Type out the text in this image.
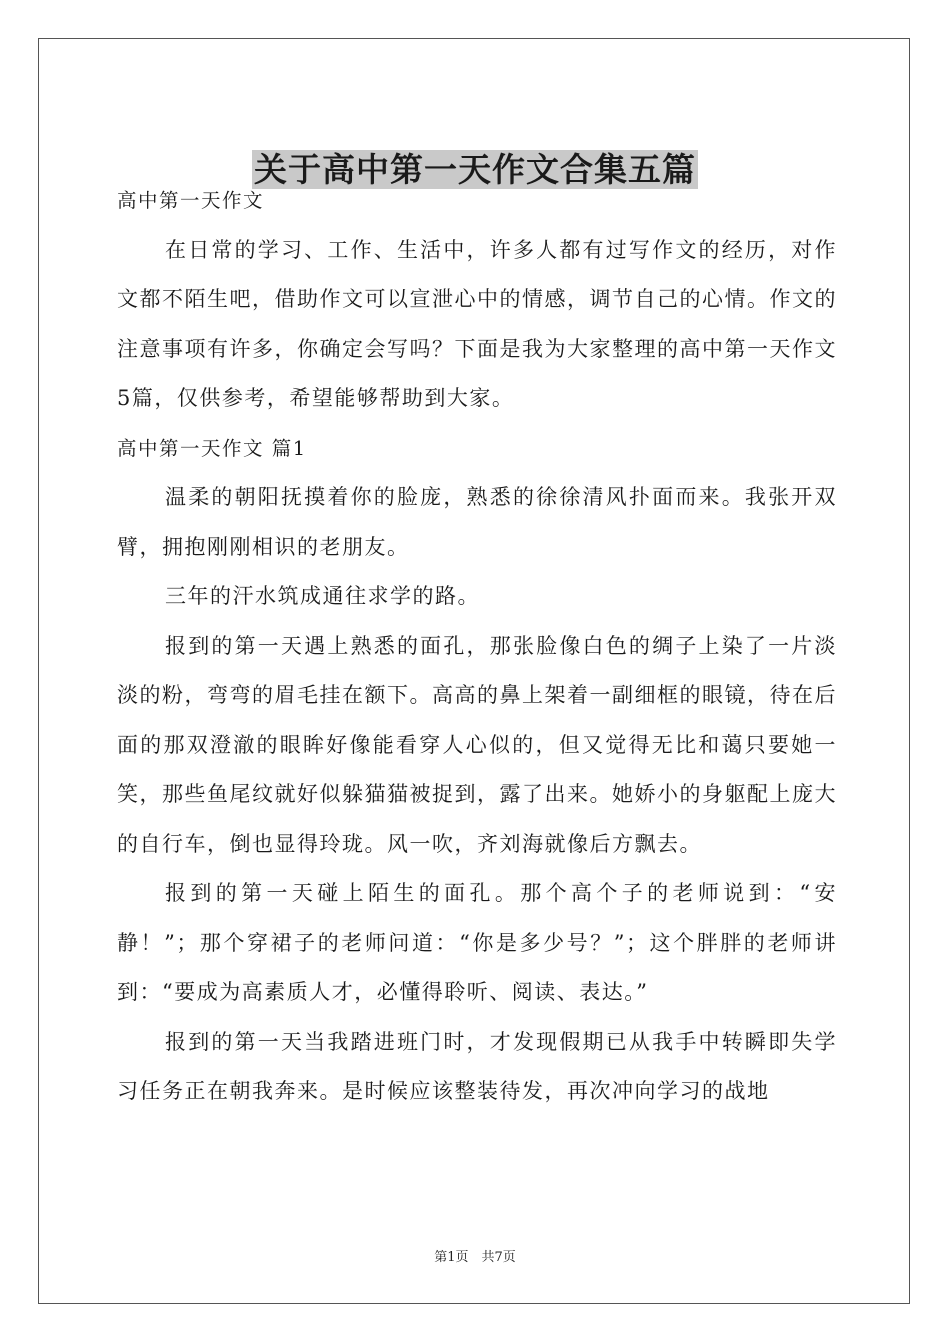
关于高中第一天作文合集五篇

高中第一天作文

在日常的学习、工作、生活中，许多人都有过写作文的经历，对作文都不陌生吧，借助作文可以宣泄心中的情感，调节自己的心情。作文的注意事项有许多，你确定会写吗？下面是我为大家整理的高中第一天作文5篇，仅供参考，希望能够帮助到大家。

高中第一天作文 篇1

温柔的朝阳抚摸着你的脸庞，熟悉的徐徐清风扑面而来。我张开双臂，拥抱刚刚相识的老朋友。

三年的汗水筑成通往求学的路。

报到的第一天遇上熟悉的面孔，那张脸像白色的绸子上染了一片淡淡的粉，弯弯的眉毛挂在额下。高高的鼻上架着一副细框的眼镜，待在后面的那双澄澈的眼眸好像能看穿人心似的，但又觉得无比和蔼只要她一笑，那些鱼尾纹就好似躲猫猫被捉到，露了出来。她娇小的身躯配上庞大的自行车，倒也显得玲珑。风一吹，齐刘海就像后方飘去。

报到的第一天碰上陌生的面孔。那个高个子的老师说到：“安静！”；那个穿裙子的老师问道：“你是多少号？”；这个胖胖的老师讲到：“要成为高素质人才，必懂得聆听、阅读、表达。”

报到的第一天当我踏进班门时，才发现假期已从我手中转瞬即失学习任务正在朝我奔来。是时候应该整装待发，再次冲向学习的战地

第1页　共7页
